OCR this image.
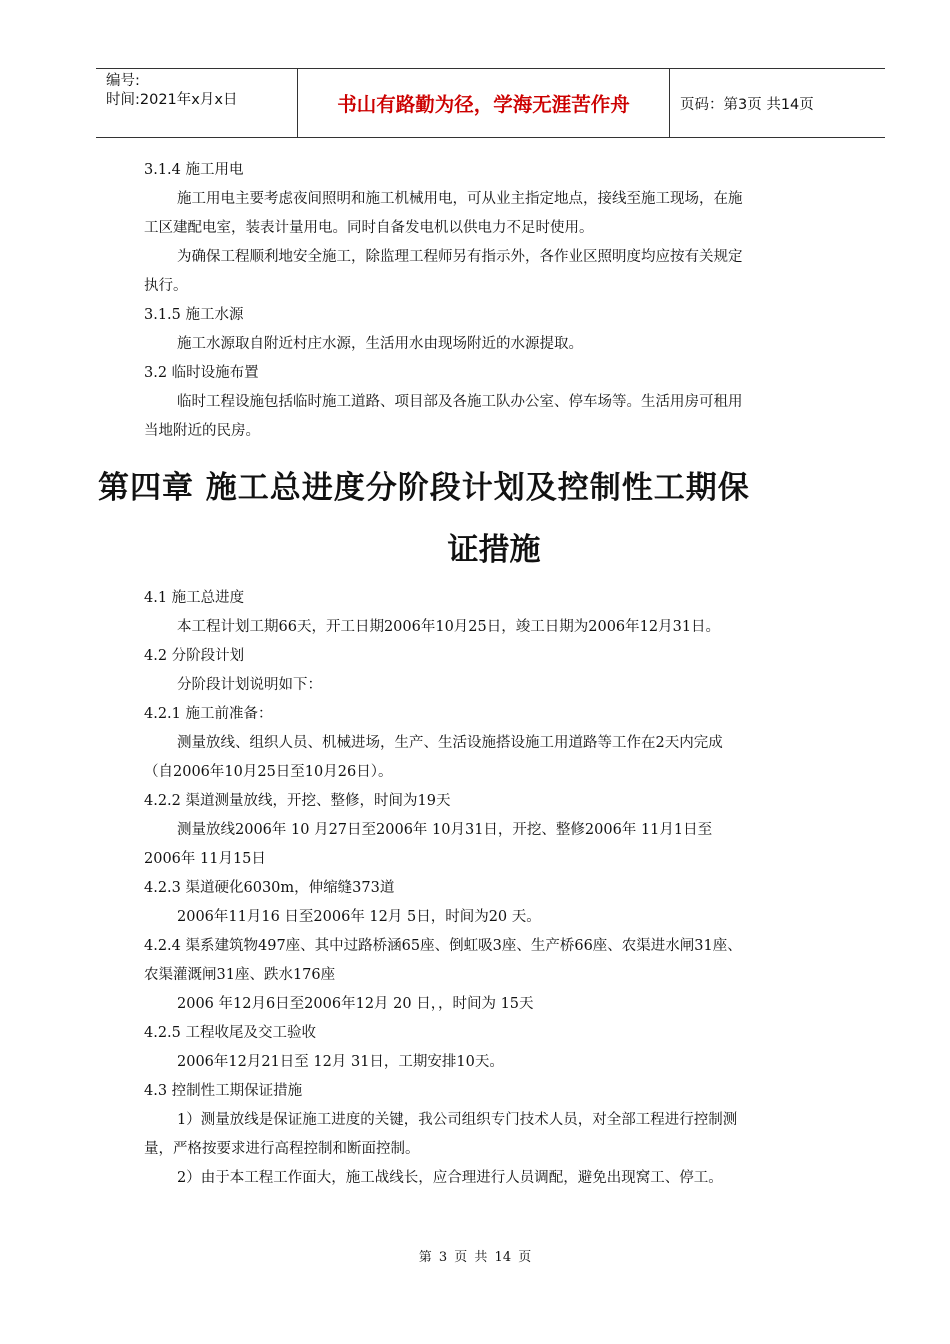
编号:
时间:2021年x月x日	书山有路勤为径，学海无涯苦作舟	页码：第3页 共14页
3.1.4 施工用电
施工用电主要考虑夜间照明和施工机械用电，可从业主指定地点，接线至施工现场，在施
工区建配电室，装表计量用电。同时自备发电机以供电力不足时使用。
为确保工程顺利地安全施工，除监理工程师另有指示外，各作业区照明度均应按有关规定
执行。
3.1.5 施工水源
施工水源取自附近村庄水源，生活用水由现场附近的水源提取。
3.2 临时设施布置
临时工程设施包括临时施工道路、项目部及各施工队办公室、停车场等。生活用房可租用
当地附近的民房。
第四章 施工总进度分阶段计划及控制性工期保
证措施
4.1 施工总进度
本工程计划工期66天，开工日期2006年10月25日，竣工日期为2006年12月31日。
4.2 分阶段计划
分阶段计划说明如下：
4.2.1 施工前准备：
测量放线、组织人员、机械进场，生产、生活设施搭设施工用道路等工作在2天内完成
（自2006年10月25日至10月26日）。
4.2.2 渠道测量放线，开挖、整修，时间为19天
测量放线2006年 10 月27日至2006年 10月31日，开挖、整修2006年 11月1日至
2006年 11月15日
4.2.3 渠道硬化6030m，伸缩缝373道
2006年11月16 日至2006年 12月 5日，时间为20 天。
4.2.4 渠系建筑物497座、其中过路桥涵65座、倒虹吸3座、生产桥66座、农渠进水闸31座、
农渠灌溉闸31座、跌水176座
2006 年12月6日至2006年12月 20 日，，时间为 15天
4.2.5 工程收尾及交工验收
2006年12月21日至 12月 31日，工期安排10天。
4.3 控制性工期保证措施
1）测量放线是保证施工进度的关键，我公司组织专门技术人员，对全部工程进行控制测
量，严格按要求进行高程控制和断面控制。
2）由于本工程工作面大，施工战线长，应合理进行人员调配，避免出现窝工、停工。
第 3 页 共 14 页
